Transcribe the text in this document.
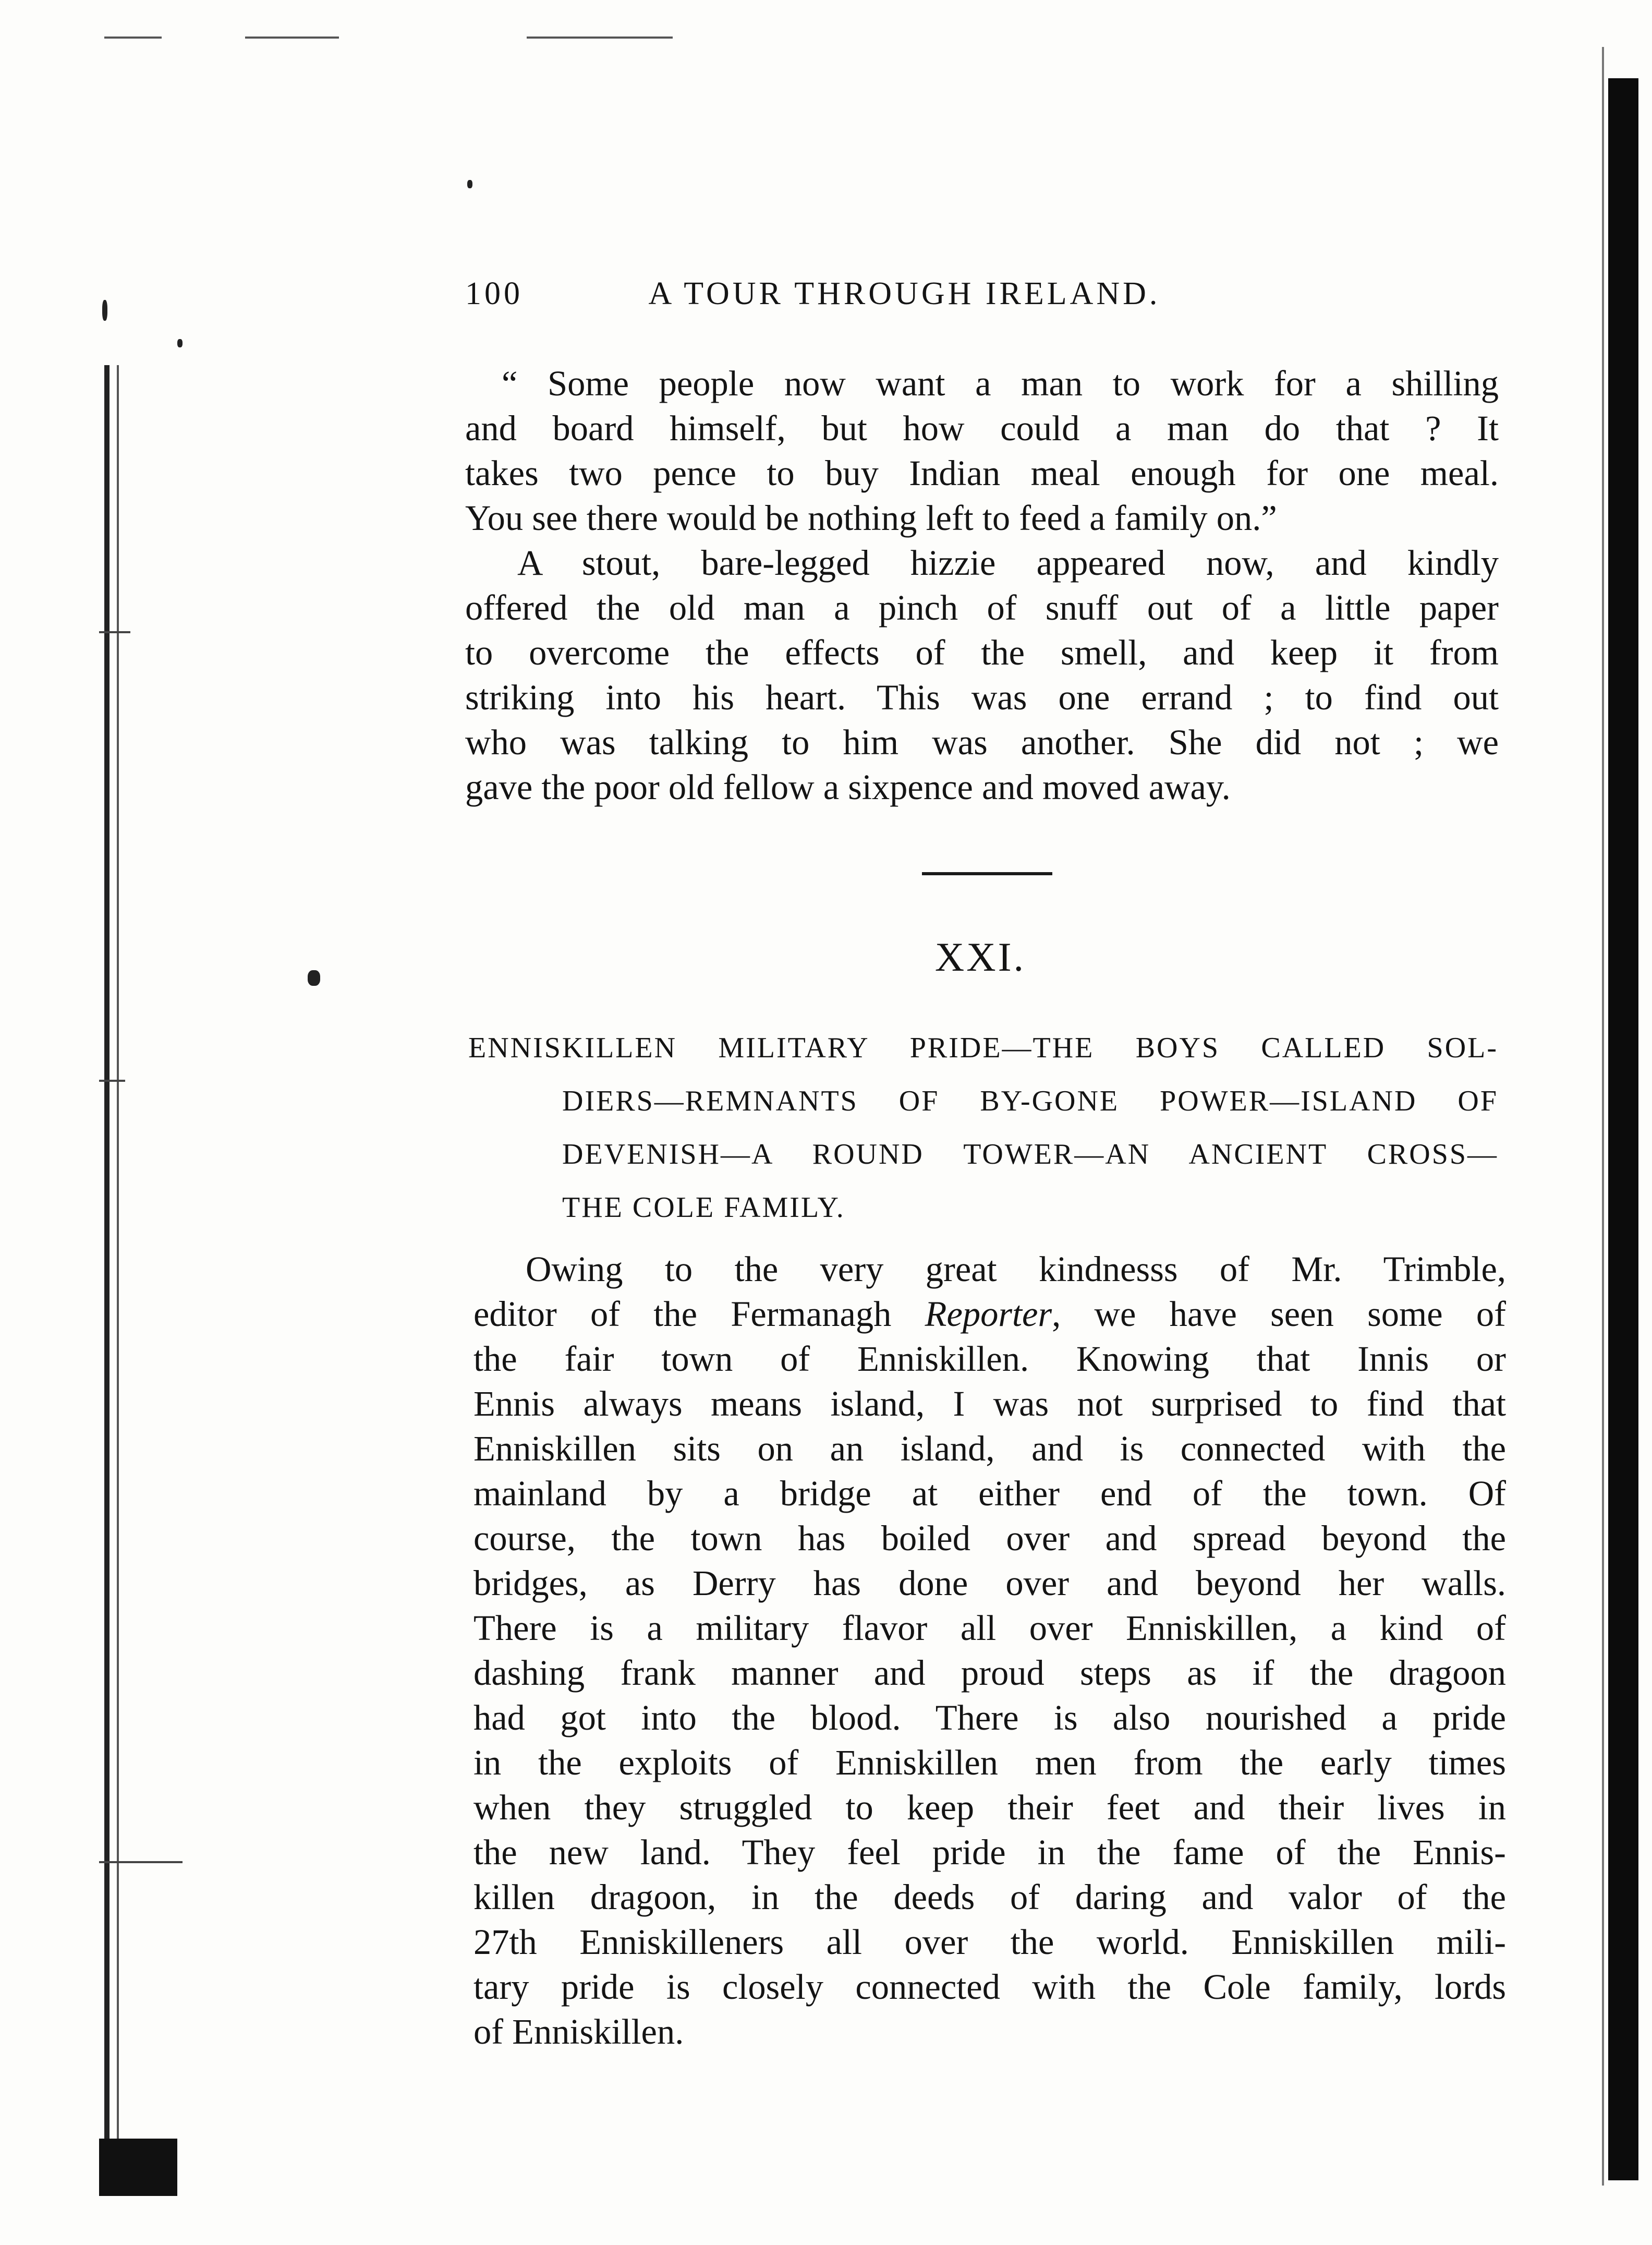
100	A TOUR THROUGH IRELAND.
“ Some people now want a man to work for a shilling
and board himself, but how could a man do that ? It
takes two pence to buy Indian meal enough for one meal.
You see there would be nothing left to feed a family on.”
A stout, bare-legged hizzie appeared now, and kindly
offered the old man a pinch of snuff out of a little paper
to overcome the effects of the smell, and keep it from
striking into his heart. This was one errand ; to find out
who was talking to him was another. She did not ; we
gave the poor old fellow a sixpence and moved away.
XXI.
ENNISKILLEN MILITARY PRIDE—THE BOYS CALLED SOL-
DIERS—REMNANTS OF BY-GONE POWER—ISLAND OF
DEVENISH—A ROUND TOWER—AN ANCIENT CROSS—
THE COLE FAMILY.
Owing to the very great kindnesss of Mr. Trimble,
editor of the Fermanagh Reporter, we have seen some of
the fair town of Enniskillen. Knowing that Innis or
Ennis always means island, I was not surprised to find that
Enniskillen sits on an island, and is connected with the
mainland by a bridge at either end of the town. Of
course, the town has boiled over and spread beyond the
bridges, as Derry has done over and beyond her walls.
There is a military flavor all over Enniskillen, a kind of
dashing frank manner and proud steps as if the dragoon
had got into the blood. There is also nourished a pride
in the exploits of Enniskillen men from the early times
when they struggled to keep their feet and their lives in
the new land. They feel pride in the fame of the Ennis-
killen dragoon, in the deeds of daring and valor of the
27th Enniskilleners all over the world. Enniskillen mili-
tary pride is closely connected with the Cole family, lords
of Enniskillen.
